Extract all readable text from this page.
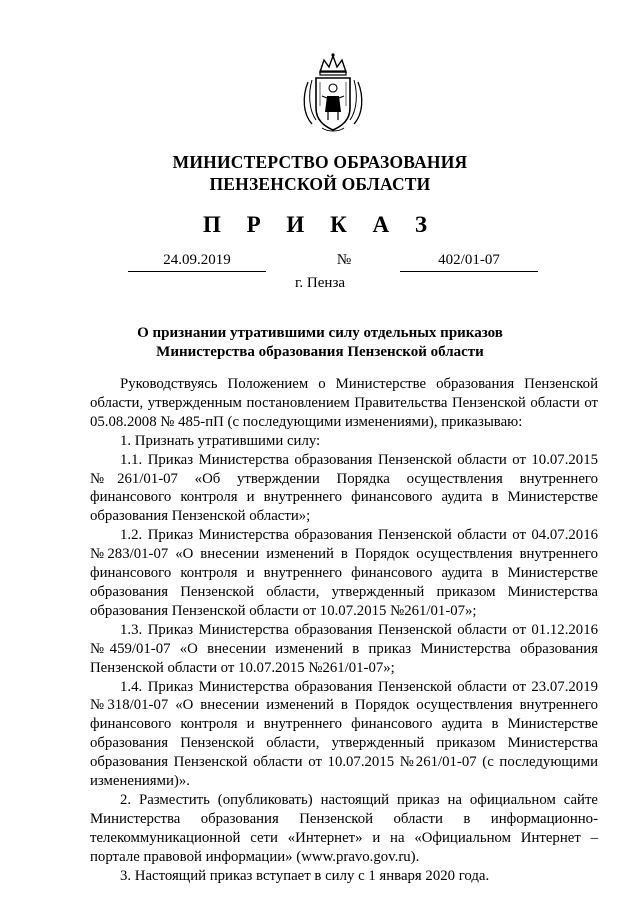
МИНИСТЕРСТВО ОБРАЗОВАНИЯ
ПЕНЗЕНСКОЙ ОБЛАСТИ
П Р И К А З
24.09.2019	№	402/01-07
г. Пенза
О признании утратившими силу отдельных приказов
Министерства образования Пензенской области

Руководствуясь Положением о Министерстве образования Пензенской области, утвержденным постановлением Правительства Пензенской области от 05.08.2008 № 485-пП (с последующими изменениями), приказываю:

1. Признать утратившими силу:

1.1. Приказ Министерства образования Пензенской области от 10.07.2015 №261/01-07 «Об утверждении Порядка осуществления внутреннего финансового контроля и внутреннего финансового аудита в Министерстве образования Пензенской области»;

1.2. Приказ Министерства образования Пензенской области от 04.07.2016 №283/01-07 «О внесении изменений в Порядок осуществления внутреннего финансового контроля и внутреннего финансового аудита в Министерстве образования Пензенской области, утвержденный приказом Министерства образования Пензенской области от 10.07.2015 №261/01-07»;

1.3. Приказ Министерства образования Пензенской области от 01.12.2016 №459/01-07 «О внесении изменений в приказ Министерства образования Пензенской области от 10.07.2015 №261/01-07»;

1.4. Приказ Министерства образования Пензенской области от 23.07.2019 №318/01-07 «О внесении изменений в Порядок осуществления внутреннего финансового контроля и внутреннего финансового аудита в Министерстве образования Пензенской области, утвержденный приказом Министерства образования Пензенской области от 10.07.2015 №261/01-07 (с последующими изменениями)».

2. Разместить (опубликовать) настоящий приказ на официальном сайте Министерства образования Пензенской области в информационно-телекоммуникационной сети «Интернет» и на «Официальном Интернет – портале правовой информации» (www.pravo.gov.ru).

3. Настоящий приказ вступает в силу с 1 января 2020 года.
